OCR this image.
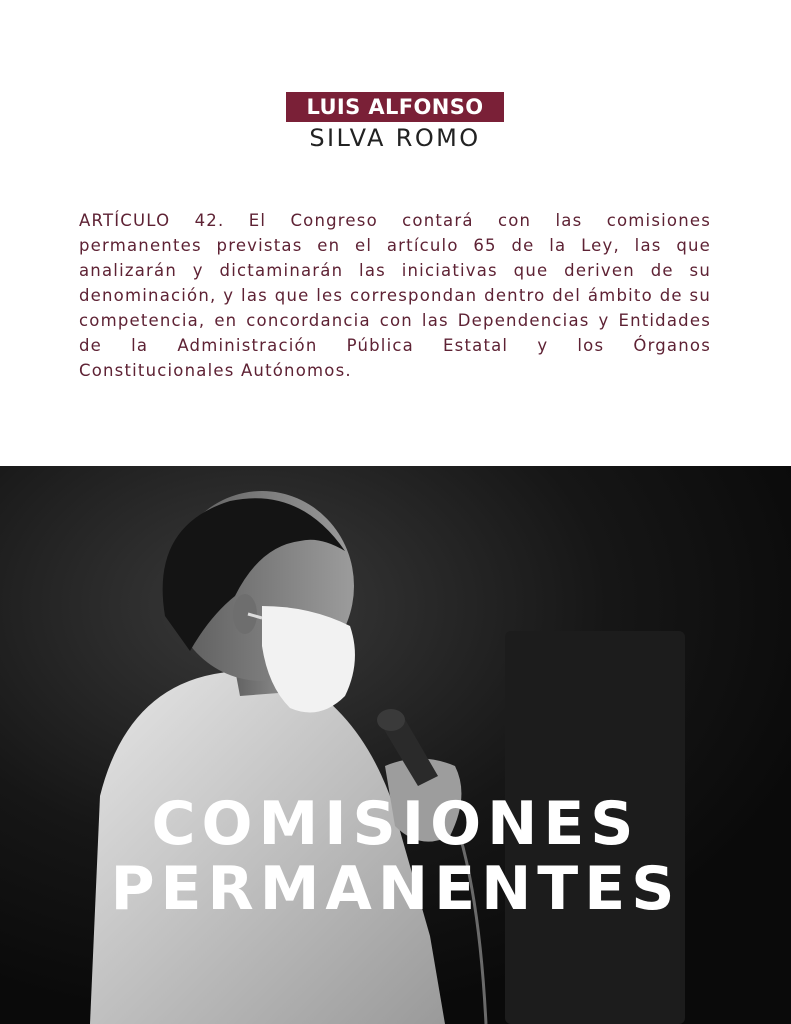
LUIS ALFONSO
SILVA ROMO

ARTÍCULO 42. El Congreso contará con las comisiones permanentes previstas en el artículo 65 de la Ley, las que analizarán y dictaminarán las iniciativas que deriven de su denominación, y las que les correspondan dentro del ámbito de su competencia, en concordancia con las Dependencias y Entidades de la Administración Pública Estatal y los Órganos Constitucionales Autónomos.

COMISIONES
PERMANENTES
